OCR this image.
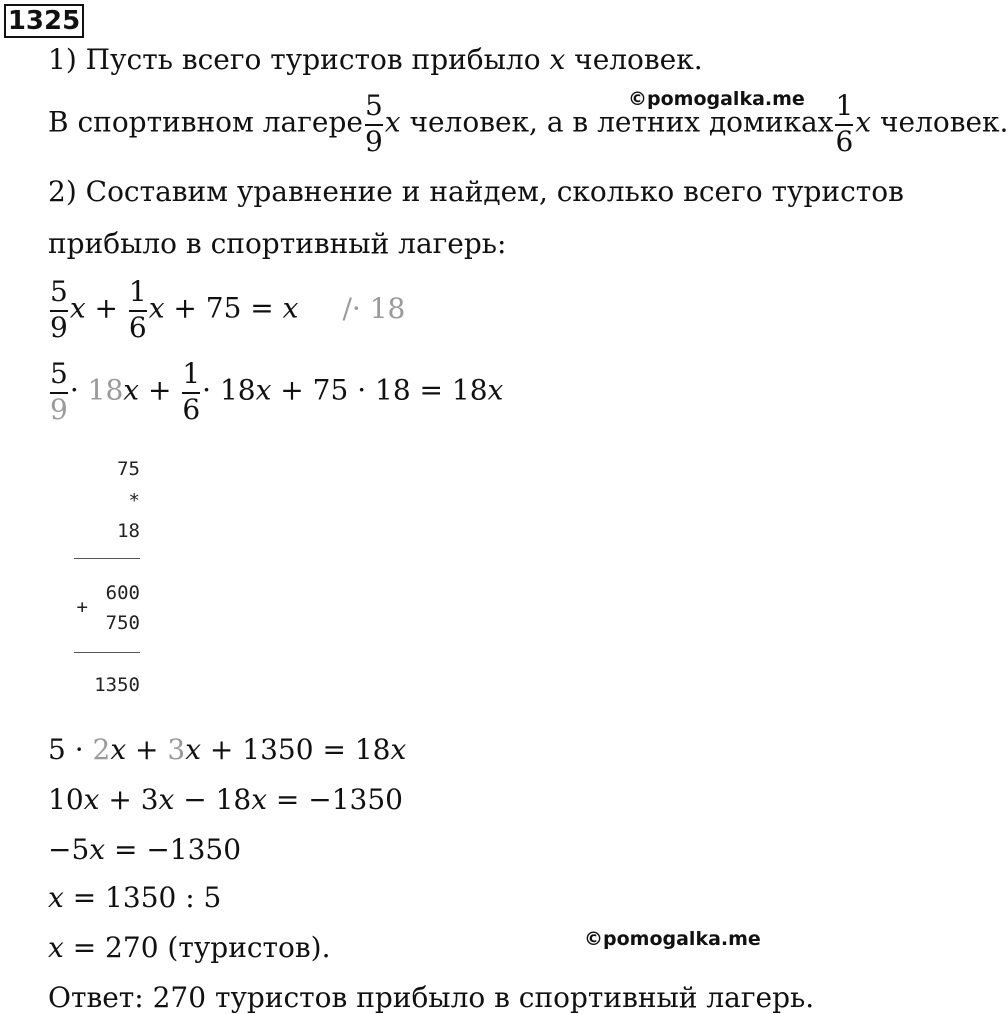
1325
1) Пусть всего туристов прибыло x человек.
©pomogalka.me
В спортивном лагере $\frac{5}{9}$ x человек, а в летних домиках $\frac{1}{6}$ x человек.
2) Составим уравнение и найдем, сколько всего туристов
прибыло в спортивный лагерь:
$\frac{5}{9}$ $x + \frac{1}{6}$ x + 75 = x /· 18
$\frac{5}{9} \cdot 18x + \frac{1}{6} \cdot 18x + 75 \cdot 18 = 18x$
75
*
18
600
+
750
1350
5 · 2x + 3x + 1350 = 18x
10x + 3x − 18x = −1350
−5x = −1350
x = 1350 : 5
©pomogalka.me
x = 270 (туристов).
Ответ: 270 туристов прибыло в спортивный лагерь.
